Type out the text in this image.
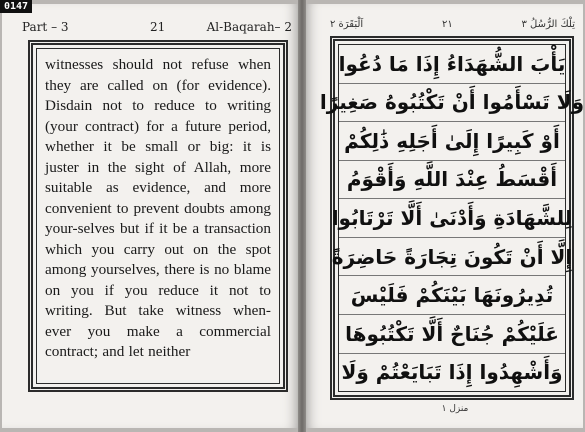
Part – 3	21	Al-Baqarah– 2

witnesses should not refuse when they are called on (for evidence). Disdain not to reduce to writing (your contract) for a future period, whether it be small or big: it is juster in the sight of Allah, more suitable as evidence, and more convenient to prevent doubts among your-selves but if it be a transaction which you carry out on the spot among yourselves, there is no blame on you if you reduce it not to writing. But take witness when- ever you make a commercial contract; and let neither

تِلْكَ الرُّسُلُ ٣
٢١
اَلْبَقَرَة ٢
يَأْبَ الشُّهَدَاءُ إِذَا مَا دُعُوا
وَلَا تَسْأَمُوا أَنْ تَكْتُبُوهُ صَغِيرًا
أَوْ كَبِيرًا إِلَىٰ أَجَلِهِ ذَٰلِكُمْ
أَقْسَطُ عِنْدَ اللَّهِ وَأَقْوَمُ
لِلشَّهَادَةِ وَأَدْنَىٰ أَلَّا تَرْتَابُوا
إِلَّا أَنْ تَكُونَ تِجَارَةً حَاضِرَةً
تُدِيرُونَهَا بَيْنَكُمْ فَلَيْسَ
عَلَيْكُمْ جُنَاحٌ أَلَّا تَكْتُبُوهَا
وَأَشْهِدُوا إِذَا تَبَايَعْتُمْ وَلَا
منزل ١
0147
